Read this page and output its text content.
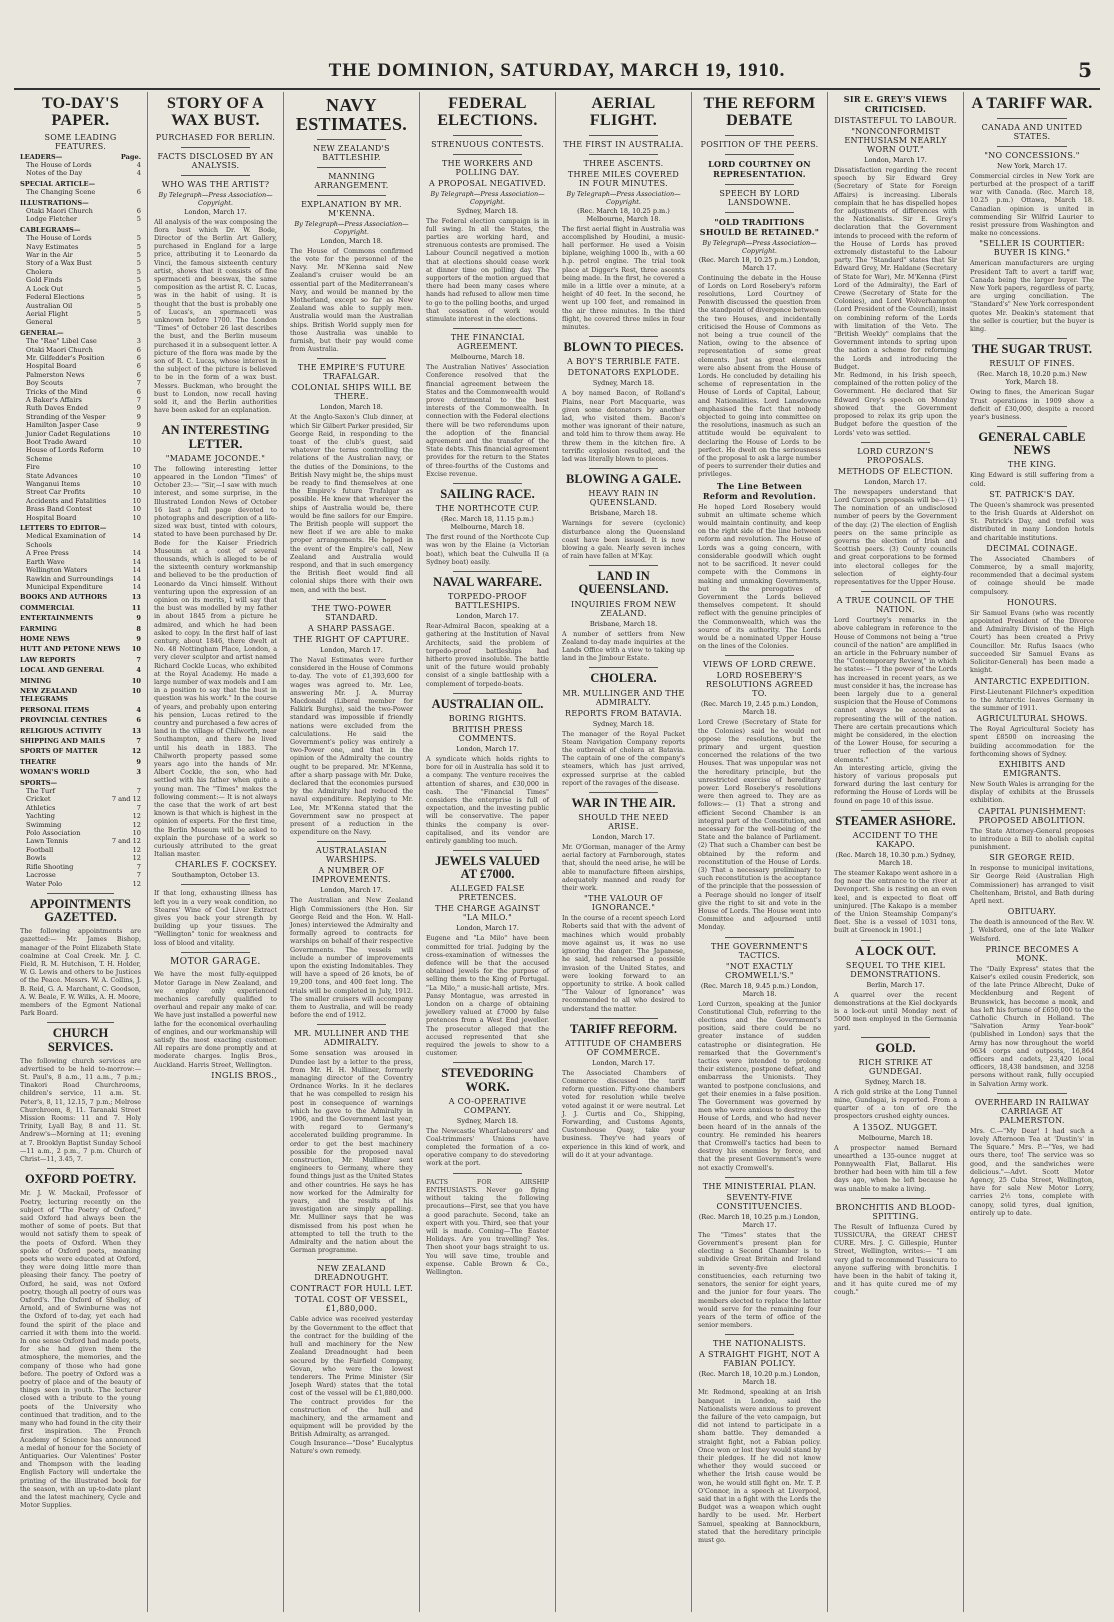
THE DOMINION, SATURDAY, MARCH 19, 1910.	5
TO-DAY'S PAPER.
SOME LEADING FEATURES.
LEADERS—	Page.
The House of Lords	4
Notes of the Day	4
SPECIAL ARTICLE—
The Changing Scene	6
ILLUSTRATIONS—
Otaki Maori Church	6
Lodge Fletcher	5
CABLEGRAMS—
The House of Lords	5
Navy Estimates	5
War in the Air	5
Story of a Wax Bust	5
Cholera	5
Gold Finds	5
A Lock Out	5
Federal Elections	5
Australian Oil	5
Aerial Flight	5
General	5
GENERAL—
The "Rae" Libel Case	3
Otaki Maori Church	6
Mr. Gilfedder's Position	6
Hospital Board	6
Palmerston News	6
Boy Scouts	7
Tricks of the Mind	6
A Baker's Affairs	7
Ruth Daves Ended	9
Stranding of the Vesper	9
Hamilton Jasper Case	9
Junior Cadet Regulations	10
Boot Trade Award	10
House of Lords Reform Scheme
10
Fire	10
State Advances	10
Wanganui Items	10
Street Car Profits	10
Accidents and Fatalities	10
Brass Band Contest	10
Hospital Board	10
LETTERS TO EDITOR—
Medical Examination of Schools
14
A Free Press	14
Earth Wave	14
Wellington Waters	14
Rawkin and Surroundings	14
Municipal Expenditure	14
BOOKS AND AUTHORS	13
COMMERCIAL	11
ENTERTAINMENTS	9
FARMING	8
HOME NEWS	9
HUTT AND PETONE NEWS	10
LAW REPORTS	7
LOCAL AND GENERAL	4
MINING	10
NEW ZEALAND TELEGRAMS
10
PERSONAL ITEMS	4
PROVINCIAL CENTRES	6
RELIGIOUS ACTIVITY	13
SHIPPING AND MAILS	7
SPORTS OF MATTER	12
THEATRE	9
WOMAN'S WORLD	3
SPORTS—
The Turf	7
Cricket	7 and 12
Athletics	7
Yachting	12
Swimming	12
Polo Association	10
Lawn Tennis	7 and 12
Football	12
Bowls	12
Rifle Shooting	7
Lacrosse	7
Water Polo	12
APPOINTMENTS GAZETTED.
The following appointments are gazetted:— Mr. James Bishop, manager of the Point Elizabeth State coalmine at Coal Creek. Mr. J. C. Field, R. M. Hutchison, T. H. Holder, W. G. Lewis and others to be Justices of the Peace. Messrs. W. A. Collins, J. B. Reid, G. A. Marchant, C. Goodson, A. W. Beale, F. W. Wilks, A. H. Moore, members of the Egmont National Park Board.
CHURCH SERVICES.
The following church services are advertised to be held to-morrow:— St. Paul's, 8 a.m., 11 a.m., 7 p.m.; Tinakori Road Churchrooms, children's service, 11 a.m. St. Peter's, 8, 11, 12.15, 7 p.m.; Melrose Churchroom, 8, 11. Taranaki Street Mission Rooms: 11 and 7. Holy Trinity, Lyall Bay, 8 and 11. St. Andrew's—Morning at 11; evening at 7. Brooklyn Baptist Sunday School—11 a.m., 2 p.m., 7 p.m. Church of Christ—11, 3.45, 7.
OXFORD POETRY.
Mr. J. W. Mackail, Professor of Poetry, lecturing recently on the subject of "The Poetry of Oxford," said Oxford had always been the mother of some of poets. But that would not satisfy them to speak of the poets of Oxford. When they spoke of Oxford poets, meaning poets who were educated at Oxford, they were doing little more than pleasing their fancy. The poetry of Oxford, he said, was not Oxford poetry, though all poetry of ours was Oxford's. The Oxford of Shelley, of Arnold, and of Swinburne was not the Oxford of to-day, yet each had found the spirit of the place and carried it with them into the world. In one sense Oxford had made poets, for she had given them the atmosphere, the memories, and the company of those who had gone before. The poetry of Oxford was a poetry of place and of the beauty of things seen in youth. The lecturer closed with a tribute to the young poets of the University who continued that tradition, and to the many who had found in the city their first inspiration. The French Academy of Science has announced a medal of honour for the Society of Antiquaries. Our Valentines' Poster and Thompson with the leading English Factory will undertake the printing of the illustrated book for the season, with an up-to-date plant and the latest machinery, Cycle and Motor Supplies.
STORY OF A WAX BUST.
PURCHASED FOR BERLIN.
FACTS DISCLOSED BY AN ANALYSIS.
WHO WAS THE ARTIST?
By Telegraph—Press Association—Copyright.
London, March 17.
All analysis of the wax composing the flora bust which Dr. W. Bode, Director of the Berlin Art Gallery, purchased in England for a large price, attributing it to Leonardo da Vinci, the famous sixteenth century artist, shows that it consists of fine spermaceti and beeswax, the same composition as the artist R. C. Lucas, was in the habit of using. It is thought that the bust is probably one of Lucas's, an spermaceti was unknown before 1700. The London "Times" of October 26 last describes the bust, and the Berlin museum purchased it in a subsequent letter. A picture of the flora was made by the son of R. C. Lucas, whose interest in the subject of the picture is believed to be in the form of a wax bust. Messrs. Buckman, who brought the bust to London, now recall having sold it, and the Berlin authorities have been asked for an explanation.
AN INTERESTING LETTER.
"MADAME JOCONDE."
The following interesting letter appeared in the London "Times" of October 23:— "Sir,—I saw with much interest, and some surprise, in the Illustrated London News of October 16 last a full page devoted to photographs and description of a life-sized wax bust, tinted with colours, stated to have been purchased by Dr. Bode for the Kaiser Friedrich Museum at a cost of several thousands, which is alleged to be of the sixteenth century workmanship and believed to be the production of Leonardo da Vinci himself. Without venturing upon the expression of an opinion on its merits, I will say that the bust was modelled by my father in about 1845 from a picture he admired, and which he had been asked to copy. In the first half of last century, about 1846, there dwelt at No. 48 Nottingham Place, London, a very clever sculptor and artist named Richard Cockle Lucas, who exhibited at the Royal Academy. He made a large number of wax models and I am in a position to say that the bust in question was his work." In the course of years, and probably upon entering his pension, Lucas retired to the country and purchased a few acres of land in the village of Chilworth, near Southampton, and there he lived until his death in 1883. The Chilworth property passed some years ago into the hands of Mr. Albert Cockle, the son, who had settled with his father when quite a young man. The "Times" makes the following comment:— It is not always the case that the work of art best known is that which is highest in the opinion of experts. For the first time, the Berlin Museum will be asked to explain the purchase of a work so curiously attributed to the great Italian master.
CHARLES F. COCKSEY.
Southampton, October 13.
If that long, exhausting illness has left you in a very weak condition, no Steares' Wine of Cod Liver Extract gives you back your strength by building up your tissues. The "Wellington" tonic for weakness and loss of blood and vitality.
MOTOR GARAGE.
We have the most fully-equipped Motor Garage in New Zealand, and we employ only experienced mechanics carefully qualified to overhaul and repair any make of car. We have just installed a powerful new lathe for the economical overhauling of engines, and our workmanship will satisfy the most exacting customer. All repairs are done promptly and at moderate charges. Inglis Bros., Auckland. Harris Street, Wellington.
INGLIS BROS.,
NAVY ESTIMATES.
NEW ZEALAND'S BATTLESHIP.
MANNING ARRANGEMENT.
EXPLANATION BY MR. M'KENNA.
By Telegraph—Press Association—Copyright.
London, March 18.
The House of Commons confirmed the vote for the personnel of the Navy. Mr. M'Kenna said New Zealand's cruiser would be an essential part of the Mediterranean's Navy, and would be manned by the Motherland, except so far as New Zealand was able to supply men. Australia would man the Australian ships. British World supply men for those Australia was unable to furnish, but their pay would come from Australia.
THE EMPIRE'S FUTURE TRAFALGAR.
COLONIAL SHIPS WILL BE THERE.
London, March 18.
At the Anglo-Saxon's Club dinner, at which Sir Gilbert Parker presided, Sir George Reid, in responding to the toast of the club's guest, said whatever the terms controlling the relations of the Australian navy, or the duties of the Dominions, to the British Navy might be, the ships must be ready to find themselves at one the Empire's future Trafalgar as possible. He knew that wherever the ships of Australia would be, there would be fine sailors for our Empire. The British people will support the new fleet if we are able to make proper arrangements. He hoped in the event of the Empire's call, New Zealand and Australia would respond, and that in such emergency the British fleet would find all colonial ships there with their own men, and with the best.
THE TWO-POWER STANDARD.
A SHARP PASSAGE.
THE RIGHT OF CAPTURE.
London, March 17.
The Naval Estimates were further considered in the House of Commons to-day. The vote of £1,393,600 for wages was agreed to. Mr. Lee, answering Mr. J. A. Murray Macdonald (Liberal member for Falkirk Burghs), said the two-Power standard was impossible if friendly nations were excluded from the calculations. He said the Government's policy was entirely a two-Power one, and that in the opinion of the Admiralty the country ought to be prepared. Mr. M'Kenna, after a sharp passage with Mr. Duke, declared that the economies pursued by the Admiralty had reduced the naval expenditure. Replying to Mr. Lee, Mr. M'Kenna stated that the Government saw no prospect at present of a reduction in the expenditure on the Navy.
AUSTRALASIAN WARSHIPS.
A NUMBER OF IMPROVEMENTS.
London, March 17.
The Australian and New Zealand High Commissioners (the Hon. Sir George Reid and the Hon. W. Hall-Jones) interviewed the Admiralty and formally agreed to contracts for warships on behalf of their respective Governments. The vessels will include a number of improvements upon the existing Indomitables. They will have a speed of 26 knots, be of 19,200 tons, and 400 feet long. The trials will be completed in July, 1912. The smaller cruisers will accompany them to Australia, and will be ready before the end of 1912.
MR. MULLINER AND THE ADMIRALTY.
Some sensation was aroused in Dundee last by a letter to the press, from Mr. H. H. Mulliner, formerly managing director of the Coventry Ordnance Works. In it he declares that he was compelled to resign his post in consequence of warnings which he gave to the Admiralty in 1906, and the Government last year, with regard to Germany's accelerated building programme. In order to get the best machinery possible for the proposed naval construction, Mr. Mulliner sent engineers to Germany, where they found things just as the United States and other countries. He says he has now worked for the Admiralty for years, and the results of his investigation are simply appalling. Mr. Mulliner says that he was dismissed from his post when he attempted to tell the truth to the Admiralty and the nation about the German programme.
NEW ZEALAND DREADNOUGHT.
CONTRACT FOR HULL LET.
TOTAL COST OF VESSEL, £1,880,000.
Cable advice was received yesterday by the Government to the effect that the contract for the building of the hull and machinery for the New Zealand Dreadnought had been secured by the Fairfield Company, Govan, who were the lowest tenderers. The Prime Minister (Sir Joseph Ward) states that the total cost of the vessel will be £1,880,000. The contract provides for the construction of the hull and machinery, and the armament and equipment will be provided by the British Admiralty, as arranged.
Cough Insurance—"Dose" Eucalyptus Nature's own remedy.
FEDERAL ELECTIONS.
STRENUOUS CONTESTS.
THE WORKERS AND POLLING DAY.
A PROPOSAL NEGATIVED.
By Telegraph—Press Association—Copyright.
Sydney, March 18.
The Federal election campaign is in full swing. In all the States, the parties are working hard, and strenuous contests are promised. The Labour Council negatived a motion that at elections should cease work at dinner time on polling day. The supporters of the motion argued that there had been many cases where hands had refused to allow men time to go to the polling booths, and urged that cessation of work would stimulate interest in the elections.
THE FINANCIAL AGREEMENT.
Melbourne, March 18.
The Australian Natives' Association Conference resolved that the financial agreement between the States and the Commonwealth would prove detrimental to the best interests of the Commonwealth. In connection with the Federal elections there will be two referendums upon the adoption of the financial agreement and the transfer of the State debts. This financial agreement provides for the return to the States of three-fourths of the Customs and Excise revenue.
SAILING RACE.
THE NORTHCOTE CUP.
(Rec. March 18, 11.15 p.m.) Melbourne, March 18.
The first round of the Northcote Cup was won by the Elaine (a Victorian boat), which beat the Culwulla II (a Sydney boat) easily.
NAVAL WARFARE.
TORPEDO-PROOF BATTLESHIPS.
London, March 17.
Rear-Admiral Bacon, speaking at a gathering at the Institution of Naval Architects, said the problem of torpedo-proof battleships had hitherto proved insoluble. The battle unit of the future would probably consist of a single battleship with a complement of torpedo-boats.
AUSTRALIAN OIL.
BORING RIGHTS.
BRITISH PRESS COMMENTS.
London, March 17.
A syndicate which holds rights to bore for oil in Australia has sold it to a company. The venture receives the attention of shares, and £30,000 in cash. The "Financial Times" considers the enterprise is full of expectation, and the investing public will be conservative. The paper thinks the company is over-capitalised, and its vendor are entirely gambling too much.
JEWELS VALUED AT £7000.
ALLEGED FALSE PRETENCES.
THE CHARGE AGAINST "LA MILO."
London, March 17.
Eugene and "La Milo" have been committed for trial. Judging by the cross-examination of witnesses the defence will be that the accused obtained jewels for the purpose of selling them to the King of Portugal. "La Milo," a music-hall artiste, Mrs. Pansy Montague, was arrested in London on a charge of obtaining jewellery valued at £7000 by false pretences from a West End jeweller. The prosecutor alleged that the accused represented that she required the jewels to show to a customer.
STEVEDORING WORK.
A CO-OPERATIVE COMPANY.
Sydney, March 18.
The Newcastle Wharf-labourers' and Coal-trimmers' Unions have completed the formation of a co-operative company to do stevedoring work at the port.
FACTS FOR AIRSHIP ENTHUSIASTS. Never go flying without taking the following precautions—First, see that you have a good parachute. Second, take an expert with you. Third, see that your will is made. Coming—The Easter Holidays. Are you travelling? Yes. Then shoot your bags straight to us. You will save time, trouble and expense. Cable Brown & Co., Wellington.
AERIAL FLIGHT.
THE FIRST IN AUSTRALIA.
THREE ASCENTS.
THREE MILES COVERED IN FOUR MINUTES.
By Telegraph—Press Association—Copyright.
(Rec. March 18, 10.25 p.m.) Melbourne, March 18.
The first aerial flight in Australia was accomplished by Houdini, a music-hall performer. He used a Voisin biplane, weighing 1000 lb., with a 60 h.p. petrol engine. The trial took place at Digger's Rest, three ascents being made. In the first, he covered a mile in a little over a minute, at a height of 40 feet. In the second, he went up 100 feet, and remained in the air three minutes. In the third flight, he covered three miles in four minutes.
BLOWN TO PIECES.
A BOY'S TERRIBLE FATE.
DETONATORS EXPLODE.
Sydney, March 18.
A boy named Bacon, of Rolland's Plains, near Port Macquarie, was given some detonators by another lad, who visited them. Bacon's mother was ignorant of their nature, and told him to throw them away. He threw them in the kitchen fire. A terrific explosion resulted, and the lad was literally blown to pieces.
BLOWING A GALE.
HEAVY RAIN IN QUEENSLAND.
Brisbane, March 18.
Warnings for severe (cyclonic) disturbance along the Queensland coast have been issued. It is now blowing a gale. Nearly seven inches of rain have fallen at M'Kay.
LAND IN QUEENSLAND.
INQUIRIES FROM NEW ZEALAND.
Brisbane, March 18.
A number of settlers from New Zealand to-day made inquiries at the Lands Office with a view to taking up land in the Jimbour Estate.
CHOLERA.
MR. MULLINGER AND THE ADMIRALTY.
REPORTS FROM BATAVIA.
Sydney, March 18.
The manager of the Royal Packet Steam Navigation Company reports the outbreak of cholera at Batavia. The captain of one of the company's steamers, which has just arrived, expressed surprise at the cabled report of the ravages of the disease.
WAR IN THE AIR.
SHOULD THE NEED ARISE.
London, March 17.
Mr. O'Gorman, manager of the Army aerial factory at Farnborough, states that, should the need arise, he will be able to manufacture fifteen airships, adequately manned and ready for their work.
"THE VALOUR OF IGNORANCE."
In the course of a recent speech Lord Roberts said that with the advent of machines which would probably move against us, it was no use ignoring the danger. The Japanese, he said, had rehearsed a possible invasion of the United States, and were looking forward to an opportunity to strike. A book called "The Valour of Ignorance" was recommended to all who desired to understand the matter.
TARIFF REFORM.
ATTITUDE OF CHAMBERS OF COMMERCE.
London, March 17.
The Associated Chambers of Commerce discussed the tariff reform question. Fifty-one chambers voted for resolution while twelve voted against it or were neutral. Let J. J. Curtis and Co., Shipping, Forwarding, and Customs Agents, Customhouse Quay, take your business. They've had years of experience in this kind of work, and will do it at your advantage.
THE REFORM DEBATE
POSITION OF THE PEERS.
LORD COURTNEY ON REPRESENTATION.
SPEECH BY LORD LANSDOWNE.
"OLD TRADITIONS SHOULD BE RETAINED."
By Telegraph—Press Association—Copyright.
(Rec. March 18, 10.25 p.m.) London, March 17.
Continuing the debate in the House of Lords on Lord Rosebery's reform resolutions, Lord Courtney of Penwith discussed the question from the standpoint of divergence between the two Houses, and incidentally criticised the House of Commons as not being a true council of the Nation, owing to the absence of representation of some great elements. Just as great elements were also absent from the House of Lords. He concluded by detailing his scheme of representation in the House of Lords of Capital, Labour, and Nationalities. Lord Lansdowne emphasised the fact that nobody objected to going into committee on the resolutions, inasmuch as such an attitude would be equivalent to declaring the House of Lords to be perfect. He dwelt on the seriousness of the proposal to ask a large number of peers to surrender their duties and privileges.
The Line Between Reform and Revolution.
He hoped Lord Rosebery would submit an ultimate scheme which would maintain continuity, and keep on the right side of the line between reform and revolution. The House of Lords was a going concern, with considerable goodwill which ought not to be sacrificed. It never could compete with the Commons in making and unmaking Governments, but in the prerogatives of Government the Lords believed themselves competent. It should reflect with the genuine principles of the Commonwealth, which was the source of its authority. The Lords would be a nominated Upper House on the lines of the Colonies.
VIEWS OF LORD CREWE.
LORD ROSEBERY'S RESOLUTIONS AGREED TO.
(Rec. March 19, 2.45 p.m.) London, March 18.
Lord Crewe (Secretary of State for the Colonies) said he would not oppose the resolutions, but the primary and urgent question concerned the relations of the two Houses. That was unpopular was not the hereditary principle, but the unrestricted exercise of hereditary power. Lord Rosebery's resolutions were then agreed to. They are as follows:— (1) That a strong and efficient Second Chamber is an integral part of the Constitution, and necessary for the well-being of the State and the balance of Parliament. (2) That such a Chamber can best be obtained by the reform and reconstitution of the House of Lords. (3) That a necessary preliminary to such reconstitution is the acceptance of the principle that the possession of a Peerage should no longer of itself give the right to sit and vote in the House of Lords. The House went into Committee and adjourned until Monday.
THE GOVERNMENT'S TACTICS.
"NOT EXACTLY CROMWELL'S."
(Rec. March 18, 9.45 p.m.) London, March 18.
Lord Curzon, speaking at the Junior Constitutional Club, referring to the elections and the Government's position, said there could be no greater instance of sudden catastrophe or disintegration. He remarked that the Government's tactics were intended to prolong their existence, postpone defeat, and embarrass the Unionists. They wanted to postpone conclusions, and get their enemies in a false position. The Government was governed by men who were anxious to destroy the House of Lords, and who had never been heard of in the annals of the country. He reminded his hearers that Cromwell's tactics had been to destroy his enemies by force, and that the present Government's were not exactly Cromwell's.
THE MINISTERIAL PLAN.
SEVENTY-FIVE CONSTITUENCIES.
(Rec. March 18, 10.25 p.m.) London, March 17.
The "Times" states that the Government's present plan for electing a Second Chamber is to subdivide Great Britain and Ireland in seventy-five electoral constituencies, each returning two senators, the senior for eight years, and the junior for four years. The members elected to replace the latter would serve for the remaining four years of the term of office of the senior members.
THE NATIONALISTS.
A STRAIGHT FIGHT, NOT A FABIAN POLICY.
(Rec. March 18, 10.20 p.m.) London, March 18.
Mr. Redmond, speaking at an Irish banquet in London, said the Nationalists were anxious to prevent the failure of the veto campaign, but did not intend to participate in a sham battle. They demanded a straight fight, not a Fabian policy. Once won or lost they would stand by their pledges. If he did not know whether they would succeed or whether the Irish cause would be won, he would still fight on. Mr. T. P. O'Connor, in a speech at Liverpool, said that in a fight with the Lords the Budget was a weapon which ought hardly to be used. Mr. Herbert Samuel, speaking at Bannockburn, stated that the hereditary principle must go.
SIR E. GREY'S VIEWS CRITICISED.
DISTASTEFUL TO LABOUR.
"NONCONFORMIST ENTHUSIASM NEARLY WORN OUT."
London, March 17.
Dissatisfaction regarding the recent speech by Sir Edward Grey (Secretary of State for Foreign Affairs) is increasing. Liberals complain that he has dispelled hopes for adjustments of differences with the Nationalists. Sir E. Grey's declaration that the Government intends to proceed with the reform of the House of Lords has proved extremely distasteful to the Labour party. The "Standard" states that Sir Edward Grey, Mr. Haldane (Secretary of State for War), Mr. M'Kenna (First Lord of the Admiralty), the Earl of Crewe (Secretary of State for the Colonies), and Lord Wolverhampton (Lord President of the Council), insist on combining reform of the Lords with limitation of the Veto. The "British Weekly" complains that the Government intends to spring upon the nation a scheme for reforming the Lords and introducing the Budget.
Mr. Redmond, in his Irish speech, complained of the rotten policy of the Government. He declared that Sir Edward Grey's speech on Monday showed that the Government proposed to relax its grip upon the Budget before the question of the Lords' veto was settled.
LORD CURZON'S PROPOSALS.
METHODS OF ELECTION.
London, March 17.
The newspapers understand that Lord Curzon's proposals will be— (1) The nomination of an undisclosed number of peers by the Government of the day. (2) The election of English peers on the same principle as governs the election of Irish and Scottish peers. (3) County councils and great corporations to be formed into electoral colleges for the selection of eighty-four representatives for the Upper House.
A TRUE COUNCIL OF THE NATION.
Lord Courtney's remarks in the above cablegram in reference to the House of Commons not being a "true council of the nation" are amplified in an article in the February number of the "Contemporary Review," in which he states:— "I the power of the Lords has increased in recent years, as we must consider it has, the increase has been largely due to a general suspicion that the House of Commons cannot always be accepted as representing the will of the nation. There are certain precautions which might be considered, in the election of the Lower House, for securing a truer reflection of the various elements."
An interesting article, giving the history of various proposals put forward during the last century for reforming the House of Lords will be found on page 10 of this issue.
STEAMER ASHORE.
ACCIDENT TO THE KAKAPO.
(Rec. March 18, 10.30 p.m.) Sydney, March 18.
The steamer Kakapo went ashore in a fog near the entrance to the river at Devonport. She is resting on an even keel, and is expected to float off uninjured. [The Kakapo is a member of the Union Steamship Company's fleet. She is a vessel of 1031 tons, built at Greenock in 1901.]
A LOCK OUT.
SEQUEL TO THE KIEL DEMONSTRATIONS.
Berlin, March 17.
A quarrel over the recent demonstrations at the Kiel dockyards is a lock-out until Monday next of 5000 men employed in the Germania yard.
GOLD.
RICH STRIKE AT GUNDEGAI.
Sydney, March 18.
A rich gold strike at the Long Tunnel mine, Gundagai, is reported. From a quarter of a ton of ore the prospectors crushed eighty ounces.
A 135OZ. NUGGET.
Melbourne, March 18.
A prospector named Bernard unearthed a 135-ounce nugget at Ponnywealth Flat, Ballarat. His brother had been with him till a few days ago, when he left because he was unable to make a living.
BRONCHITIS AND BLOOD-SPITTING.
The Result of Influenza Cured by TUSSICURA, the GREAT CHEST CURE. Mrs. J. C. Gillespie, Hunter Street, Wellington, writes:— "I am very glad to recommend Tussicura to anyone suffering with bronchitis. I have been in the habit of taking it, and it has quite cured me of my cough."
A TARIFF WAR.
CANADA AND UNITED STATES.
"NO CONCESSIONS."
New York, March 17.
Commercial circles in New York are perturbed at the prospect of a tariff war with Canada. (Rec. March 18, 10.25 p.m.) Ottawa, March 18. Canadian opinion is united in commending Sir Wilfrid Laurier to resist pressure from Washington and make no concessions.
"SELLER IS COURTIER: BUYER IS KING."
American manufacturers are urging President Taft to avert a tariff war, Canada being the larger buyer. The New York papers, regardless of party, are urging conciliation. The "Standard's" New York correspondent quotes Mr. Deakin's statement that the seller is courtier, but the buyer is king.
THE SUGAR TRUST.
RESULT OF FINES.
(Rec. March 18, 10.20 p.m.) New York, March 18.
Owing to fines, the American Sugar Trust operations in 1909 show a deficit of £30,000, despite a record year's business.
GENERAL CABLE NEWS
THE KING.
King Edward is still suffering from a cold.
ST. PATRICK'S DAY.
The Queen's shamrock was presented to the Irish Guards at Aldershot on St. Patrick's Day, and trefoil was distributed in many London hotels and charitable institutions.
DECIMAL COINAGE.
The Associated Chambers of Commerce, by a small majority, recommended that a decimal system of coinage should be made compulsory.
HONOURS.
Sir Samuel Evans (who was recently appointed President of the Divorce and Admiralty Division of the High Court) has been created a Privy Councillor. Mr. Rufus Isaacs (who succeeded Sir Samuel Evans as Solicitor-General) has been made a knight.
ANTARCTIC EXPEDITION.
First-Lieutenant Filchner's expedition to the Antarctic leaves Germany in the summer of 1911.
AGRICULTURAL SHOWS.
The Royal Agricultural Society has spent £8500 on increasing the building accommodation for the forthcoming shows of Sydney.
EXHIBITS AND EMIGRANTS.
New South Wales is arranging for the display of exhibits at the Brussels exhibition.
CAPITAL PUNISHMENT: PROPOSED ABOLITION.
The State Attorney-General proposes to introduce a Bill to abolish capital punishment.
SIR GEORGE REID.
In response to municipal invitations, Sir George Reid (Australian High Commissioner) has arranged to visit Cheltenham, Bristol, and Bath during April next.
OBITUARY.
The death is announced of the Rev. W. J. Welsford, one of the late Walker Welsford.
PRINCE BECOMES A MONK.
The "Daily Express" states that the Kaiser's exiled cousin Frederick, son of the late Prince Albrecht, Duke of Mecklenburg and Regent of Brunswick, has become a monk, and has left his fortune of £650,000 to the Catholic Church in Holland. The "Salvation Army Year-book" (published in London) says that the Army has now throughout the world 9634 corps and outposts, 16,864 officers and cadets, 23,420 local officers, 18,438 bandsmen, and 3258 persons without rank, fully occupied in Salvation Army work.
OVERHEARD IN RAILWAY CARRIAGE AT PALMERSTON.
Mrs. C.—"My Dear! I had such a lovely Afternoon Tea at 'Dustin's' in The Square." Mrs. P.—"Yes, we had ours there, too! The service was so good, and the sandwiches were delicious."—Advt. Scott Motor Agency, 25 Cuba Street, Wellington, have for sale New Motor Lorry, carries 2½ tons, complete with canopy, solid tyres, dual ignition, entirely up to date.
